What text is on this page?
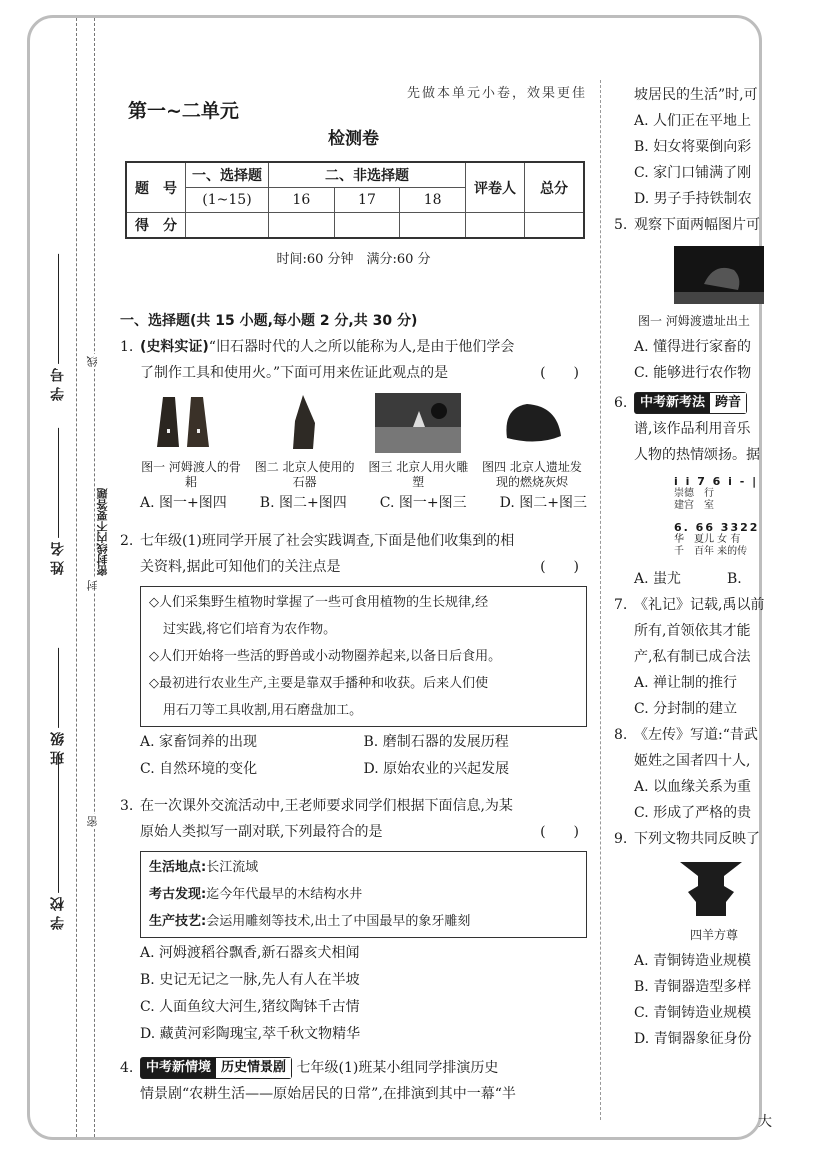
学 号
姓 名
班 级
学 校
线
封
密
密封线内不要答题
先做本单元小卷，效果更佳
第一~二单元
检测卷
题　号	一、选择题	二、非选择题			评卷人	总分
	(1~15)	16	17	18		
得　分						
时间:60 分钟　满分:60 分
一、选择题(共 15 小题,每小题 2 分,共 30 分)
1. (史料实证)“旧石器时代的人之所以能称为人,是由于他们学会
了制作工具和使用火。”下面可用来佐证此观点的是	(　　)
图一 河姆渡人的骨耜
图二 北京人使用的石器
图三 北京人用火雕塑
图四 北京人遗址发现的燃烧灰烬
A. 图一+图四 B. 图二+图四 C. 图一+图三 D. 图二+图三
2. 七年级(1)班同学开展了社会实践调查,下面是他们收集到的相
关资料,据此可知他们的关注点是	(　　)

◇人们采集野生植物时掌握了一些可食用植物的生长规律,经
过实践,将它们培育为农作物。

◇人们开始将一些活的野兽或小动物圈养起来,以备日后食用。

◇最初进行农业生产,主要是靠双手播种和收获。后来人们使
用石刀等工具收割,用石磨盘加工。

A. 家畜饲养的出现	B. 磨制石器的发展历程
C. 自然环境的变化	D. 原始农业的兴起发展
3. 在一次课外交流活动中,王老师要求同学们根据下面信息,为某
原始人类拟写一副对联,下列最符合的是	(　　)

生活地点:长江流域

考古发现:迄今年代最早的木结构水井

生产技艺:会运用雕刻等技术,出土了中国最早的象牙雕刻

A. 河姆渡稻谷飘香,新石器亥犬相闻
B. 史记无记之一脉,先人有人在半坡
C. 人面鱼纹大河生,猪纹陶钵千古情
D. 藏黄河彩陶瑰宝,萃千秋文物精华
4. 中考新情境 历史情景剧 七年级(1)班某小组同学排演历史
情景剧“农耕生活——原始居民的日常”,在排演到其中一幕“半
坡居民的生活”时,可
A. 人们正在平地上
B. 妇女将粟倒向彩
C. 家门口铺满了刚
D. 男子手持铁制农
5. 观察下面两幅图片可
图一 河姆渡遗址出土
A. 懂得进行家畜的
C. 能够进行农作物
6. 中考新考法 跨音
谱,该作品利用音乐
人物的热情颂扬。据
i i 7 6 i - |
崇德　行
建宫　室
6. 66 3322
华　夏儿 女 有
千　百年 来的传
A. 蚩尤	B.
7. 《礼记》记载,禹以前
所有,首领依其才能
产,私有制已成合法
A. 禅让制的推行
C. 分封制的建立
8. 《左传》写道:“昔武
姬姓之国者四十人,
A. 以血缘关系为重
C. 形成了严格的贵
9. 下列文物共同反映了
四羊方尊
A. 青铜铸造业规模
B. 青铜器造型多样
C. 青铜铸造业规模
D. 青铜器象征身份
大
